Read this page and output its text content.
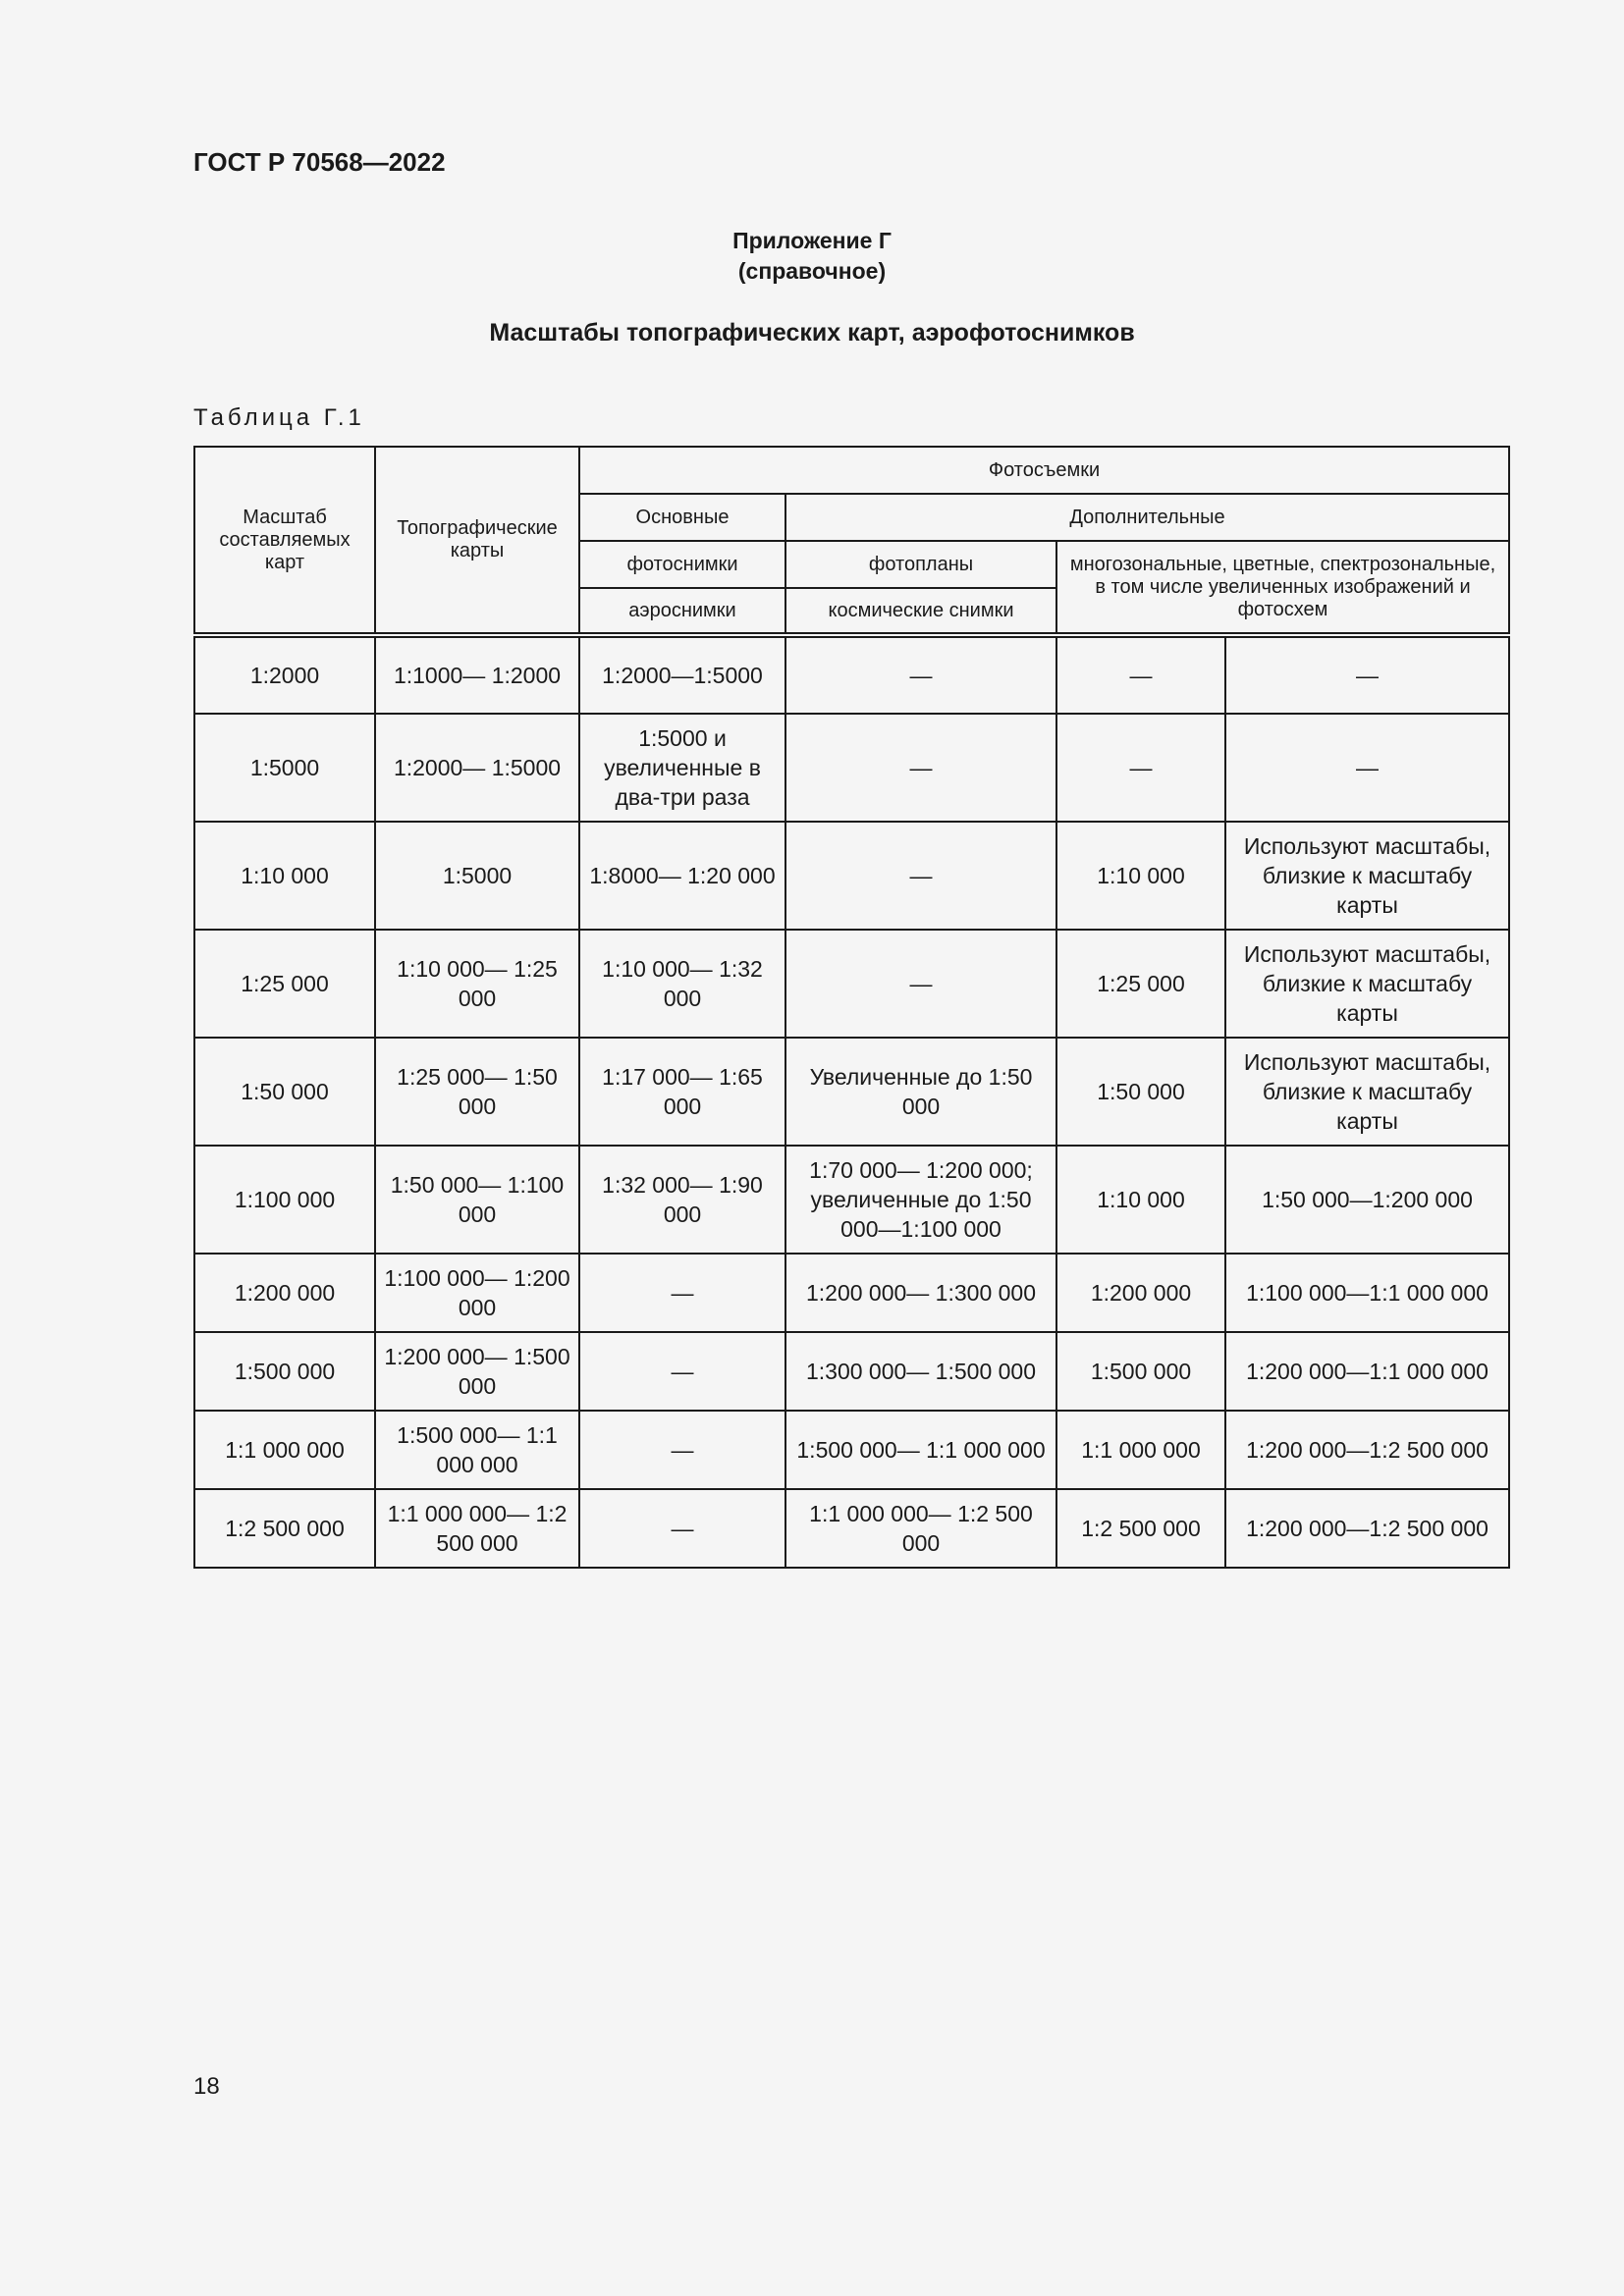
ГОСТ Р 70568—2022
Приложение Г
(справочное)
Масштабы топографических карт, аэрофотоснимков
Таблица Г.1
Масштаб составляемых карт	Топографические карты	Фотосъемки			
		Основные	Дополнительные		
		фотоснимки	фотопланы	многозональные, цветные, спектрозональные, в том числе увеличенных изображений и фотосхем	
		аэроснимки	космические снимки		
1:2000	1:1000— 1:2000	1:2000—1:5000	—	—	—
1:5000	1:2000— 1:5000	1:5000 и увеличенные в два-три раза	—	—	—
1:10 000	1:5000	1:8000— 1:20 000	—	1:10 000	Используют масштабы, близкие к масштабу карты
1:25 000	1:10 000— 1:25 000	1:10 000— 1:32 000	—	1:25 000	Используют масштабы, близкие к масштабу карты
1:50 000	1:25 000— 1:50 000	1:17 000— 1:65 000	Увеличенные до 1:50 000	1:50 000	Используют масштабы, близкие к масштабу карты
1:100 000	1:50 000— 1:100 000	1:32 000— 1:90 000	1:70 000— 1:200 000; увеличенные до 1:50 000—1:100 000	1:10 000	1:50 000—1:200 000
1:200 000	1:100 000— 1:200 000	—	1:200 000— 1:300 000	1:200 000	1:100 000—1:1 000 000
1:500 000	1:200 000— 1:500 000	—	1:300 000— 1:500 000	1:500 000	1:200 000—1:1 000 000
1:1 000 000	1:500 000— 1:1 000 000	—	1:500 000— 1:1 000 000	1:1 000 000	1:200 000—1:2 500 000
1:2 500 000	1:1 000 000— 1:2 500 000	—	1:1 000 000— 1:2 500 000	1:2 500 000	1:200 000—1:2 500 000
18
